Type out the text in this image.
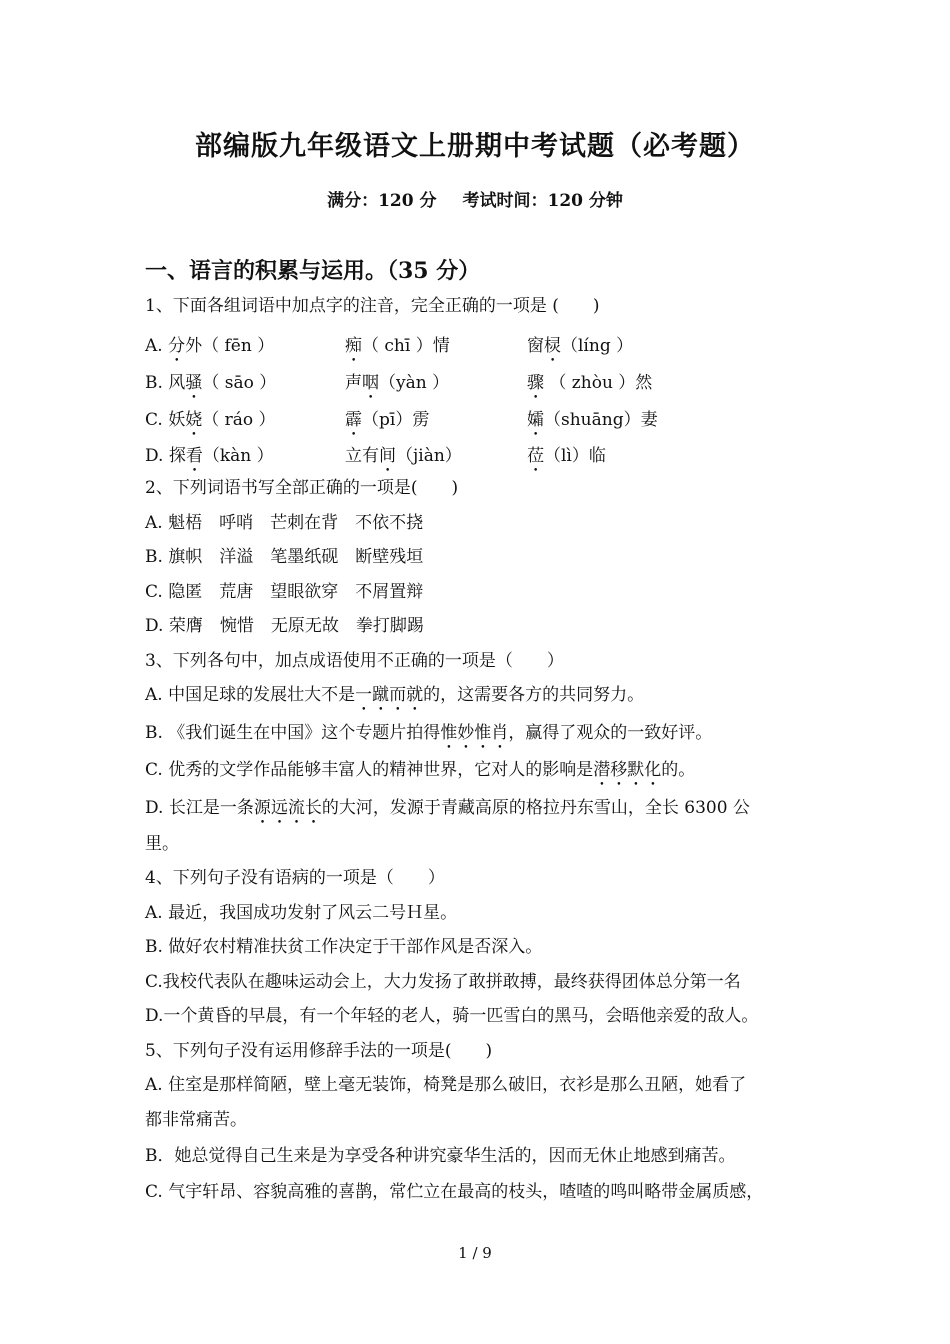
部编版九年级语文上册期中考试题（必考题）
满分：120 分 考试时间：120 分钟
一、语言的积累与运用。（35 分）
1、下面各组词语中加点字的注音，完全正确的一项是 (　　)
A. 分外（ fēn ）	痴（ chī ）情	窗棂（líng ）
B. 风骚（ sāo ）	声咽（yàn ）	骤 （ zhòu ）然
C. 妖娆（ ráo ）	霹（pī）雳	孀（shuāng）妻
D. 探看（kàn ）	立有间（jiàn）	莅（lì）临
2、下列词语书写全部正确的一项是(　　)
A. 魁梧　呼哨　芒刺在背　不依不挠
B. 旗帜　洋溢　笔墨纸砚　断壁残垣
C. 隐匿　荒唐　望眼欲穿　不屑置辩
D. 荣膺　惋惜　无原无故　拳打脚踢
3、下列各句中，加点成语使用不正确的一项是（　　）
A. 中国足球的发展壮大不是一蹴而就的，这需要各方的共同努力。
B. 《我们诞生在中国》这个专题片拍得惟妙惟肖，赢得了观众的一致好评。
C. 优秀的文学作品能够丰富人的精神世界，它对人的影响是潜移默化的。
D. 长江是一条源远流长的大河，发源于青藏高原的格拉丹东雪山，全长 6300 公
里。
4、下列句子没有语病的一项是（　　）
A. 最近，我国成功发射了风云二号Ｈ星。
B. 做好农村精准扶贫工作决定于干部作风是否深入。
C.我校代表队在趣味运动会上，大力发扬了敢拼敢搏，最终获得团体总分第一名
D.一个黄昏的早晨，有一个年轻的老人，骑一匹雪白的黑马，会晤他亲爱的敌人。
5、下列句子没有运用修辞手法的一项是(　　)
A. 住室是那样简陋，壁上毫无装饰，椅凳是那么破旧，衣衫是那么丑陋，她看了
都非常痛苦。
B．她总觉得自己生来是为享受各种讲究豪华生活的，因而无休止地感到痛苦。
C. 气宇轩昂、容貌高雅的喜鹊，常伫立在最高的枝头，喳喳的鸣叫略带金属质感，
1 / 9
